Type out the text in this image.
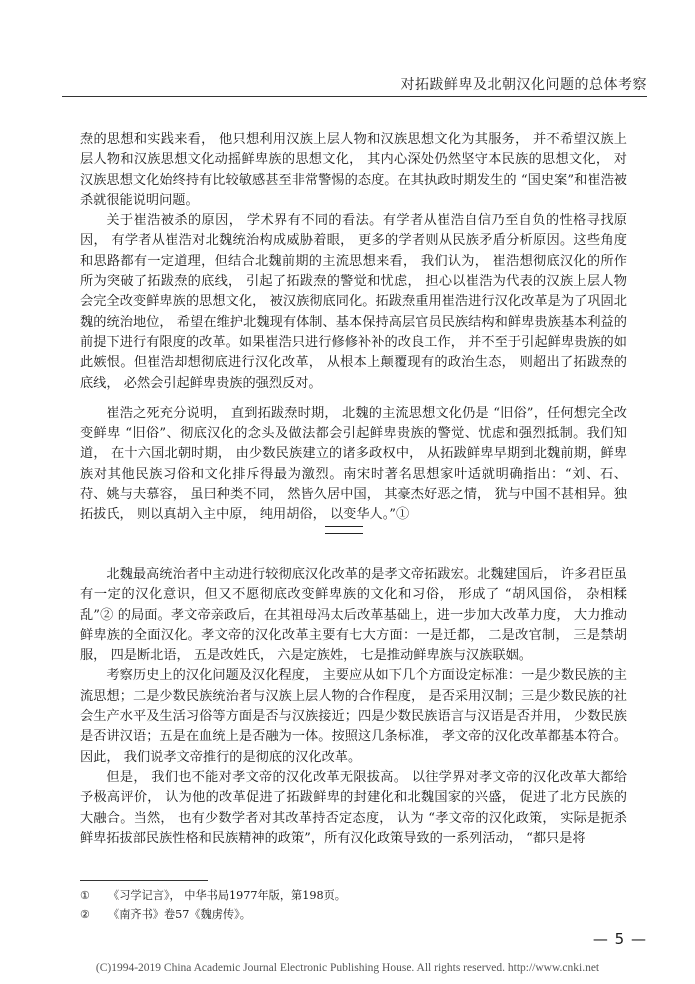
对拓跋鲜卑及北朝汉化问题的总体考察

焘的思想和实践来看， 他只想利用汉族上层人物和汉族思想文化为其服务， 并不希望汉族上层人物和汉族思想文化动摇鲜卑族的思想文化， 其内心深处仍然坚守本民族的思想文化， 对汉族思想文化始终持有比较敏感甚至非常警惕的态度。在其执政时期发生的 “国史案”和崔浩被杀就很能说明问题。

关于崔浩被杀的原因， 学术界有不同的看法。有学者从崔浩自信乃至自负的性格寻找原因， 有学者从崔浩对北魏统治构成威胁着眼， 更多的学者则从民族矛盾分析原因。这些角度和思路都有一定道理，但结合北魏前期的主流思想来看， 我们认为， 崔浩想彻底汉化的所作所为突破了拓跋焘的底线， 引起了拓跋焘的警觉和忧虑， 担心以崔浩为代表的汉族上层人物会完全改变鲜卑族的思想文化， 被汉族彻底同化。拓跋焘重用崔浩进行汉化改革是为了巩固北魏的统治地位， 希望在维护北魏现有体制、基本保持高层官员民族结构和鲜卑贵族基本利益的前提下进行有限度的改革。如果崔浩只进行修修补补的改良工作， 并不至于引起鲜卑贵族的如此嫉恨。但崔浩却想彻底进行汉化改革， 从根本上颠覆现有的政治生态， 则超出了拓跋焘的底线， 必然会引起鲜卑贵族的强烈反对。

崔浩之死充分说明， 直到拓跋焘时期， 北魏的主流思想文化仍是 “旧俗”，任何想完全改变鲜卑 “旧俗”、彻底汉化的念头及做法都会引起鲜卑贵族的警觉、忧虑和强烈抵制。我们知道， 在十六国北朝时期， 由少数民族建立的诸多政权中， 从拓跋鲜卑早期到北魏前期，鲜卑族对其他民族习俗和文化排斥得最为激烈。南宋时著名思想家叶适就明确指出：“刘、石、苻、姚与夫慕容， 虽曰种类不同， 然皆久居中国， 其豪杰好恶之情， 犹与中国不甚相异。独拓拔氏， 则以真胡入主中原， 纯用胡俗， 以变华人。”①

北魏最高统治者中主动进行较彻底汉化改革的是孝文帝拓跋宏。北魏建国后， 许多君臣虽有一定的汉化意识，但又不愿彻底改变鲜卑族的文化和习俗， 形成了 “胡风国俗， 杂相糅乱”② 的局面。孝文帝亲政后，在其祖母冯太后改革基础上，进一步加大改革力度， 大力推动鲜卑族的全面汉化。孝文帝的汉化改革主要有七大方面：一是迁都， 二是改官制， 三是禁胡服， 四是断北语， 五是改姓氏， 六是定族姓， 七是推动鲜卑族与汉族联姻。

考察历史上的汉化问题及汉化程度， 主要应从如下几个方面设定标准：一是少数民族的主流思想；二是少数民族统治者与汉族上层人物的合作程度， 是否采用汉制；三是少数民族的社会生产水平及生活习俗等方面是否与汉族接近；四是少数民族语言与汉语是否并用， 少数民族是否讲汉语；五是在血统上是否融为一体。按照这几条标准， 孝文帝的汉化改革都基本符合。 因此， 我们说孝文帝推行的是彻底的汉化改革。

但是， 我们也不能对孝文帝的汉化改革无限拔高。 以往学界对孝文帝的汉化改革大都给予极高评价， 认为他的改革促进了拓跋鲜卑的封建化和北魏国家的兴盛， 促进了北方民族的大融合。当然， 也有少数学者对其改革持否定态度， 认为 “孝文帝的汉化政策， 实际是扼杀鲜卑拓拔部民族性格和民族精神的政策”，所有汉化政策导致的一系列活动， “都只是将

① 《习学记言》， 中华书局1977年版，第198页。
② 《南齐书》卷57《魏虏传》。
— 5 —
(C)1994-2019 China Academic Journal Electronic Publishing House. All rights reserved. http://www.cnki.net
